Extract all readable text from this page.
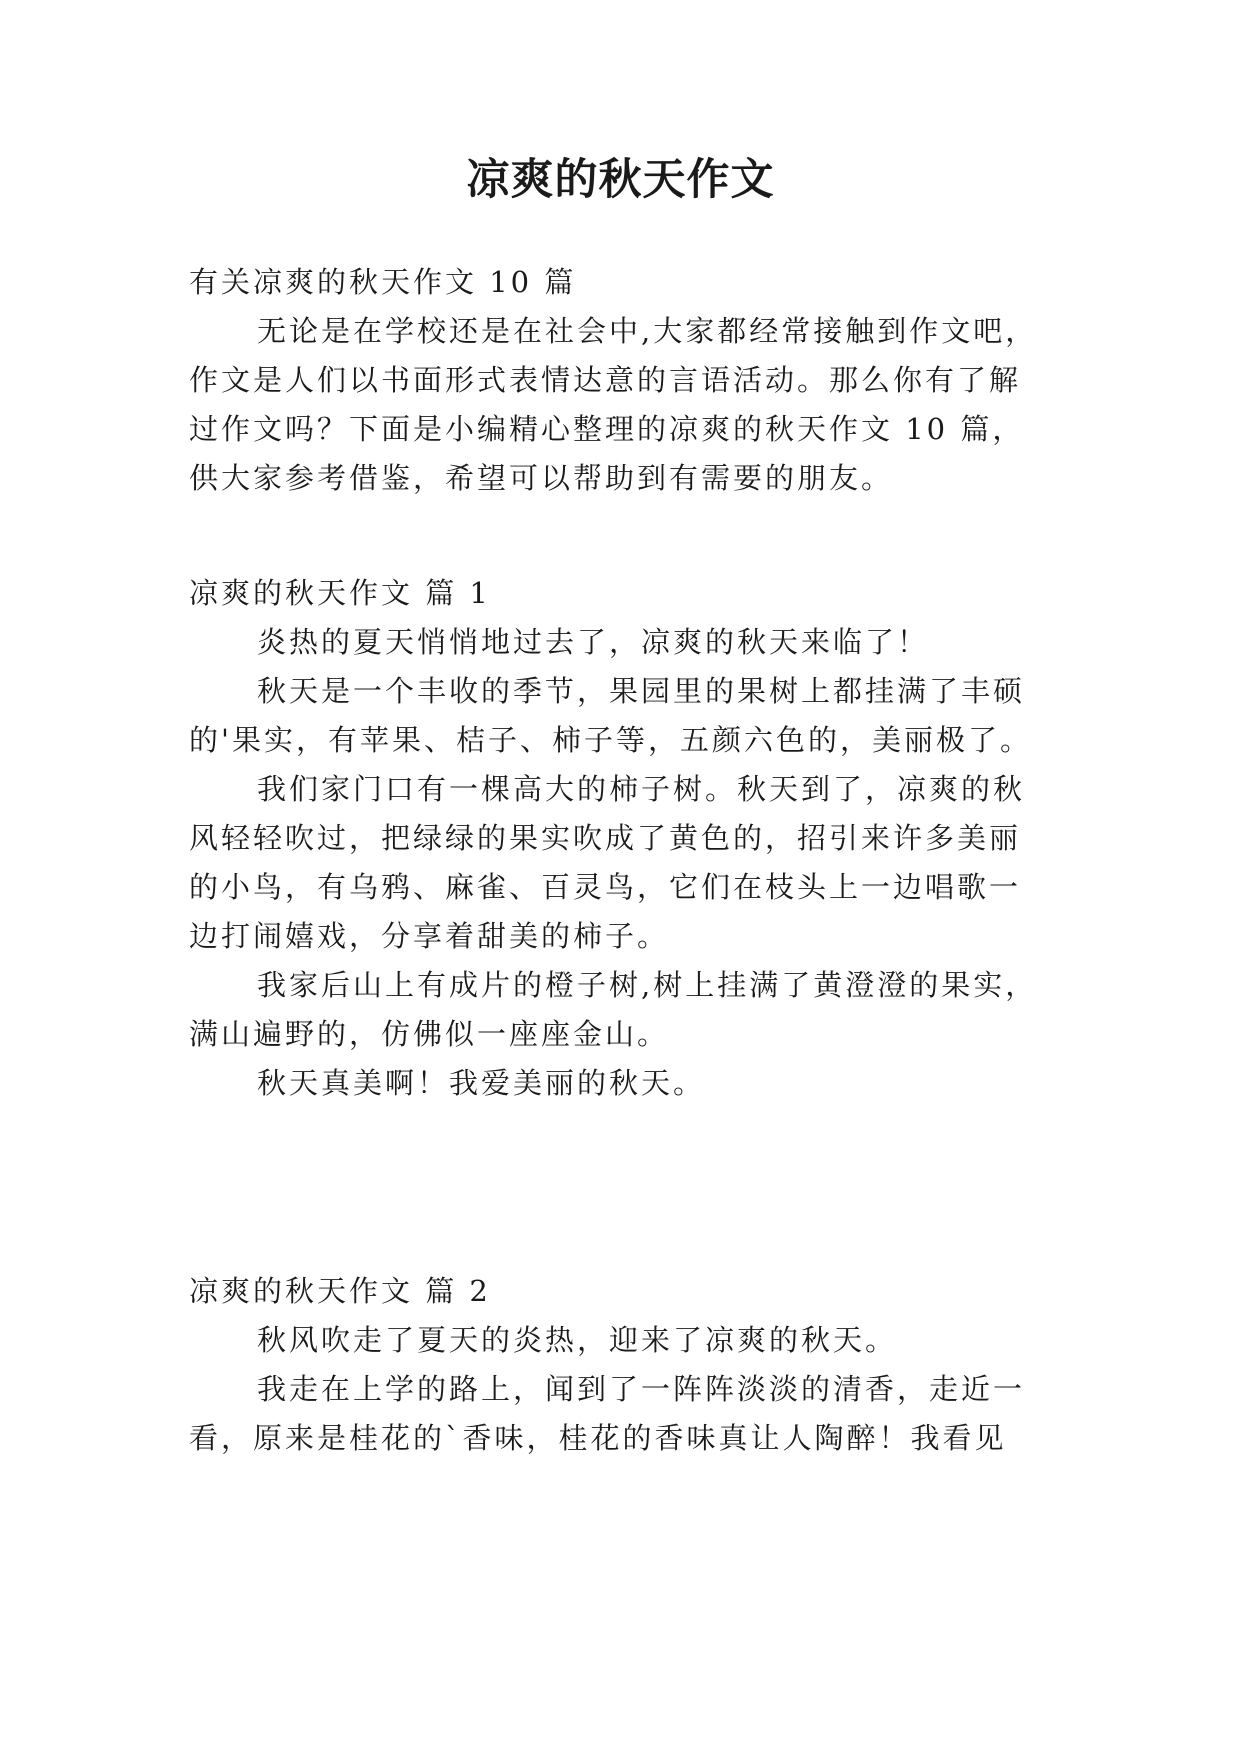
凉爽的秋天作文
有关凉爽的秋天作文 10 篇
无论是在学校还是在社会中,大家都经常接触到作文吧，
作文是人们以书面形式表情达意的言语活动。那么你有了解
过作文吗？下面是小编精心整理的凉爽的秋天作文 10 篇，
供大家参考借鉴，希望可以帮助到有需要的朋友。
凉爽的秋天作文 篇 1
炎热的夏天悄悄地过去了，凉爽的秋天来临了！
秋天是一个丰收的季节，果园里的果树上都挂满了丰硕
的'果实，有苹果、桔子、柿子等，五颜六色的，美丽极了。
我们家门口有一棵高大的柿子树。秋天到了，凉爽的秋
风轻轻吹过，把绿绿的果实吹成了黄色的，招引来许多美丽
的小鸟，有乌鸦、麻雀、百灵鸟，它们在枝头上一边唱歌一
边打闹嬉戏，分享着甜美的柿子。
我家后山上有成片的橙子树,树上挂满了黄澄澄的果实，
满山遍野的，仿佛似一座座金山。
秋天真美啊！我爱美丽的秋天。
凉爽的秋天作文 篇 2
秋风吹走了夏天的炎热，迎来了凉爽的秋天。
我走在上学的路上，闻到了一阵阵淡淡的清香，走近一
看，原来是桂花的`香味，桂花的香味真让人陶醉！我看见
